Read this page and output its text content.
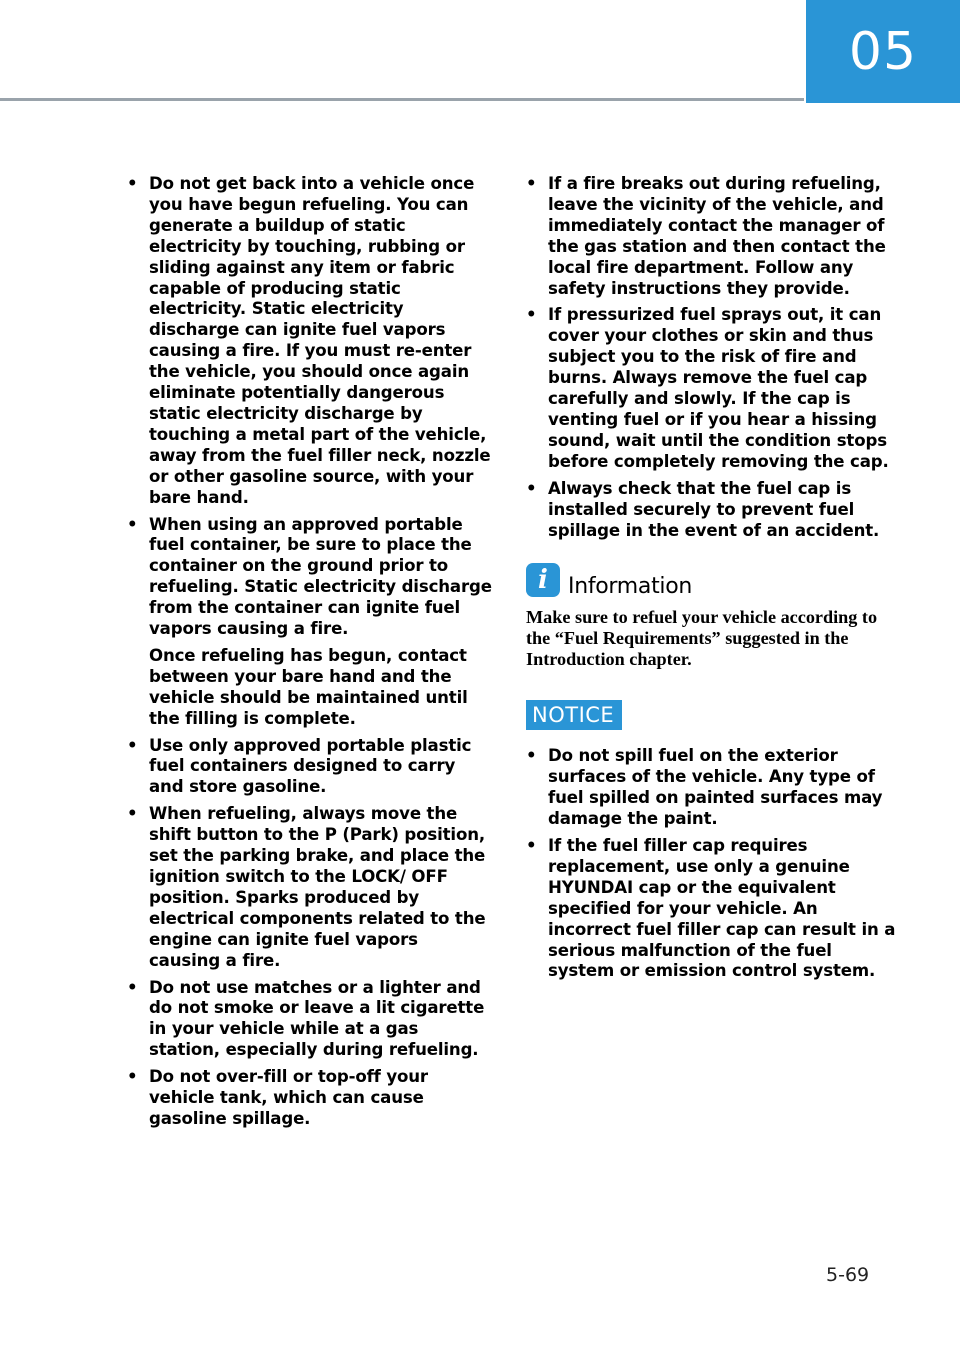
05
• Do not get back into a vehicle once you have begun refueling. You can generate a buildup of static electricity by touching, rubbing or sliding against any item or fabric capable of producing static electricity. Static electricity discharge can ignite fuel vapors causing a fire. If you must re-enter the vehicle, you should once again eliminate potentially dangerous static electricity discharge by touching a metal part of the vehicle, away from the fuel filler neck, nozzle or other gasoline source, with your bare hand.

• When using an approved portable fuel container, be sure to place the container on the ground prior to refueling. Static electricity discharge from the container can ignite fuel vapors causing a fire.

Once refueling has begun, contact between your bare hand and the vehicle should be maintained until the filling is complete.

• Use only approved portable plastic fuel containers designed to carry and store gasoline.

• When refueling, always move the shift button to the P (Park) position, set the parking brake, and place the ignition switch to the LOCK/ OFF position. Sparks produced by electrical components related to the engine can ignite fuel vapors causing a fire.

• Do not use matches or a lighter and do not smoke or leave a lit cigarette in your vehicle while at a gas station, especially during refueling.

• Do not over-fill or top-off your vehicle tank, which can cause gasoline spillage.

• If a fire breaks out during refueling, leave the vicinity of the vehicle, and immediately contact the manager of the gas station and then contact the local fire department. Follow any safety instructions they provide.

• If pressurized fuel sprays out, it can cover your clothes or skin and thus subject you to the risk of fire and burns. Always remove the fuel cap carefully and slowly. If the cap is venting fuel or if you hear a hissing sound, wait until the condition stops before completely removing the cap.

• Always check that the fuel cap is installed securely to prevent fuel spillage in the event of an accident.

i Information

Make sure to refuel your vehicle according to the “Fuel Requirements” suggested in the Introduction chapter.

NOTICE
• Do not spill fuel on the exterior surfaces of the vehicle. Any type of fuel spilled on painted surfaces may damage the paint.

• If the fuel filler cap requires replacement, use only a genuine HYUNDAI cap or the equivalent specified for your vehicle. An incorrect fuel filler cap can result in a serious malfunction of the fuel system or emission control system.

5-69
